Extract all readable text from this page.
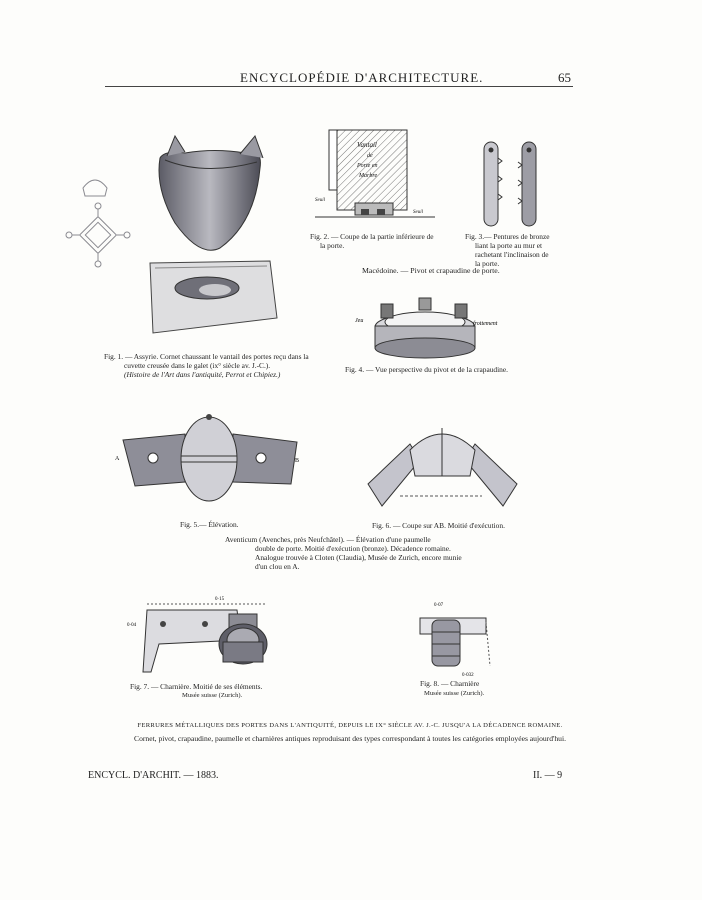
ENCYCLOPÉDIE D'ARCHITECTURE.	65
Fig. 1. — Assyrie. Cornet chaussant le vantail des portes reçu dans la
cuvette creusée dans le galet (ix° siècle av. J.-C.).
(Histoire de l'Art dans l'antiquité, Perrot et Chipiez.)
Vantail
de
Porte en
Marbre
Seuil
Seuil
Fig. 2. — Coupe de la partie inférieure de
la porte.
Fig. 3.— Pentures de bronze
liant la porte au mur et
rachetant l'inclinaison de
la porte.
Macédoine. — Pivot et crapaudine de porte.
Jeu	frottement
Fig. 4. — Vue perspective du pivot et de la crapaudine.
A	B
Fig. 5.— Élévation.	Fig. 6. — Coupe sur AB. Moitié d'exécution.
Aventicum (Avenches, près Neufchâtel). — Élévation d'une paumelle
double de porte. Moitié d'exécution (bronze). Décadence romaine.
Analogue trouvée à Cloten (Claudia), Musée de Zurich, encore munie
d'un clou en A.
0·15
0·04
Fig. 7. — Charnière. Moitié de ses éléments.
Musée suisse (Zurich).
0·07
0·032
Fig. 8. — Charnière
Musée suisse (Zurich).
FERRURES MÉTALLIQUES DES PORTES DANS L'ANTIQUITÉ, DEPUIS LE IX° SIÈCLE AV. J.-C. JUSQU'A LA DÉCADENCE ROMAINE.
Cornet, pivot, crapaudine, paumelle et charnières antiques reproduisant des types correspondant à toutes les catégories employées aujourd'hui.
ENCYCL. D'ARCHIT. — 1883.	II. — 9
